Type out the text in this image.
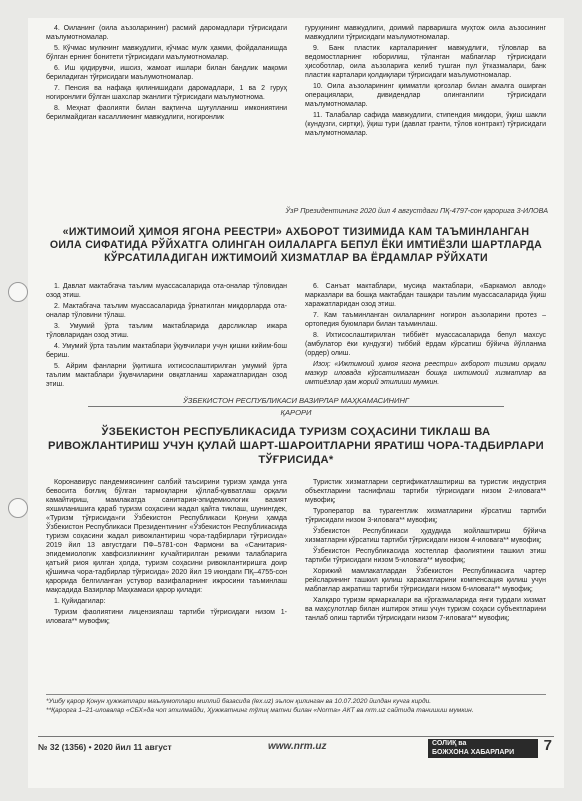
4. Оиланинг (оила аъзоларининг) расмий даромадлари тўғрисидаги маълумотномалар.

5. Кўчмас мулкнинг мавжудлиги, кўчмас мулк ҳажми, фойдаланишда бўлган ернинг бонитети тўғрисидаги маълумотномалар.

6. Иш қидирувчи, ишсиз, жамоат ишлари билан бандлик мақоми бериладиган тўғрисидаги маълумотномалар.

7. Пенсия ва нафақа қилинишидаги даромадлари, 1 ва 2 гуруҳ ногиронлиги бўлган шахслар эканлиги тўғрисидаги маълумотнома.

8. Меҳнат фаолияти билан вақтинча шуғулланиш имкониятини берилмайдиган касалликнинг мавжудлиги, ногиронлик

гуруҳининг мавжудлиги, доимий парваришга муҳтож оила аъзосининг мавжудлиги тўғрисидаги маълумотномалар.

9. Банк пластик карталарининг мавжудлиги, тўловлар ва ведомостларнинг юборилиш, тўланган маблағлар тўғрисидаги ҳисоботлар, оила аъзоларига келиб тушган пул ўтказмалари, банк пластик карталари қолдиқлари тўғрисидаги маълумотномалар.

10. Оила аъзоларининг қимматли қоғозлар билан амалга оширган операциялари, дивидендлар олинганлиги тўғрисидаги маълумотномалар.

11. Талабалар сафида мавжудлиги, стипендия миқдори, ўқиш шакли (кундузги, сиртқи), ўқиш тури (давлат гранти, тўлов контракт) тўғрисидаги маълумотномалар.

ЎзР Президентининг 2020 йил 4 августдаги ПҚ-4797-сон қарорига 3-ИЛОВА
«ИЖТИМОИЙ ҲИМОЯ ЯГОНА РЕЕСТРИ» АХБОРОТ ТИЗИМИДА КАМ ТАЪМИНЛАНГАН ОИЛА СИФАТИДА РЎЙХАТГА ОЛИНГАН ОИЛАЛАРГА БЕПУЛ ЁКИ ИМТИЁЗЛИ ШАРТЛАРДА КЎРСАТИЛАДИГАН ИЖТИМОИЙ ХИЗМАТЛАР ВА ЁРДАМЛАР РЎЙХАТИ

1. Давлат мактабгача таълим муассасаларида ота-оналар тўловидан озод этиш.

2. Мактабгача таълим муассасаларида ўрнатилган миқдорларда ота-оналар тўловини тўлаш.

3. Умумий ўрта таълим мактабларида дарсликлар ижара тўловларидан озод этиш.

4. Умумий ўрта таълим мактаблари ўқувчилари учун қишки кийим-бош бериш.

5. Айрим фанларни ўқитишга ихтисослаштирилган умумий ўрта таълим мактаблари ўқувчиларини овқатланиш харажатларидан озод этиш.

6. Санъат мактаблари, мусиқа мактаблари, «Баркамол авлод» марказлари ва бошқа мактабдан ташқари таълим муассасаларида ўқиш харажатларидан озод этиш.

7. Кам таъминланган оилаларнинг ногирон аъзоларини протез – ортопедия буюмлари билан таъминлаш.

8. Ихтисослаштирилган тиббиёт муассасаларида бепул махсус (амбулатор ёки кундузги) тиббий ёрдам кўрсатиш бўйича йўлланма (ордер) олиш.

Изоҳ: «Ижтимоий ҳимоя ягона реестри» ахборот тизими орқали мазкур иловада кўрсатилмаган бошқа ижтимоий хизматлар ва имтиёзлар ҳам жорий этилиши мумкин.

ЎЗБЕКИСТОН РЕСПУБЛИКАСИ ВАЗИРЛАР МАҲКАМАСИНИНГ
ҚАРОРИ
ЎЗБЕКИСТОН РЕСПУБЛИКАСИДА ТУРИЗМ СОҲАСИНИ ТИКЛАШ ВА РИВОЖЛАНТИРИШ УЧУН ҚУЛАЙ ШАРТ-ШАРОИТЛАРНИ ЯРАТИШ ЧОРА-ТАДБИРЛАРИ ТЎҒРИСИДА*

Коронавирус пандемиясининг салбий таъсирини туризм ҳамда унга бевосита боғлиқ бўлган тармоқларни қўллаб-қувватлаш орқали камайтириш, мамлакатда санитария-эпидемиологик вазият яхшиланишига қараб туризм соҳасини жадал қайта тиклаш, шунингдек, «Туризм тўғрисида»ги Ўзбекистон Республикаси Қонуни ҳамда Ўзбекистон Республикаси Президентининг «Ўзбекистон Республикасида туризм соҳасини жадал ривожлантириш чора-тадбирлари тўғрисида» 2019 йил 13 августдаги ПФ–5781-сон Фармони ва «Санитария-эпидемиологик хавфсизликнинг кучайтирилган режими талабларига қатъий риоя қилган ҳолда, туризм соҳасини ривожлантиришга доир қўшимча чора-тадбирлар тўғрисида» 2020 йил 19 июндаги ПҚ–4755-сон қарорида белгиланган устувор вазифаларнинг ижросини таъминлаш мақсадида Вазирлар Маҳкамаси қарор қилади:

1. Қуйидагилар:

Туризм фаолиятини лицензиялаш тартиби тўғрисидаги низом 1-иловага** мувофиқ;

Туристик хизматларни сертификатлаштириш ва туристик индустрия объектларини таснифлаш тартиби тўғрисидаги низом 2-иловага** мувофиқ;

Туроператор ва турагентлик хизматларини кўрсатиш тартиби тўғрисидаги низом 3-иловага** мувофиқ;

Ўзбекистон Республикаси ҳудудида жойлаштириш бўйича хизматларни кўрсатиш тартиби тўғрисидаги низом 4-иловага** мувофиқ;

Ўзбекистон Республикасида хостеллар фаолиятини ташкил этиш тартиби тўғрисидаги низом 5-иловага** мувофиқ;

Хорижий мамлакатлардан Ўзбекистон Республикасига чартер рейсларининг ташкил қилиш харажатларини компенсация қилиш учун маблағлар ажратиш тартиби тўғрисидаги низом 6-иловага** мувофиқ;

Халқаро туризм ярмаркалари ва кўргазмаларида янги турдаги хизмат ва маҳсулотлар билан иштирок этиш учун туризм соҳаси субъектларини танлаб олиш тартиби тўғрисидаги низом 7-иловага** мувофиқ;

*Ушбу қарор Қонун ҳужжатлари маълумотлари миллий базасида (lex.uz) эълон қилинган ва 10.07.2020 йилдан кучга кирди.
**Қарорга 1–21-иловалар «СБХ»да чоп этилмайди, Ҳужжатнинг тўлиқ матни билан «Norma» АКТ ва nrm.uz сайтида танишиш мумкин.
№ 32 (1356) • 2020 йил 11 август	www.nrm.uz	СОЛИҚ ва
БОЖХОНА ХАБАРЛАРИ	7
